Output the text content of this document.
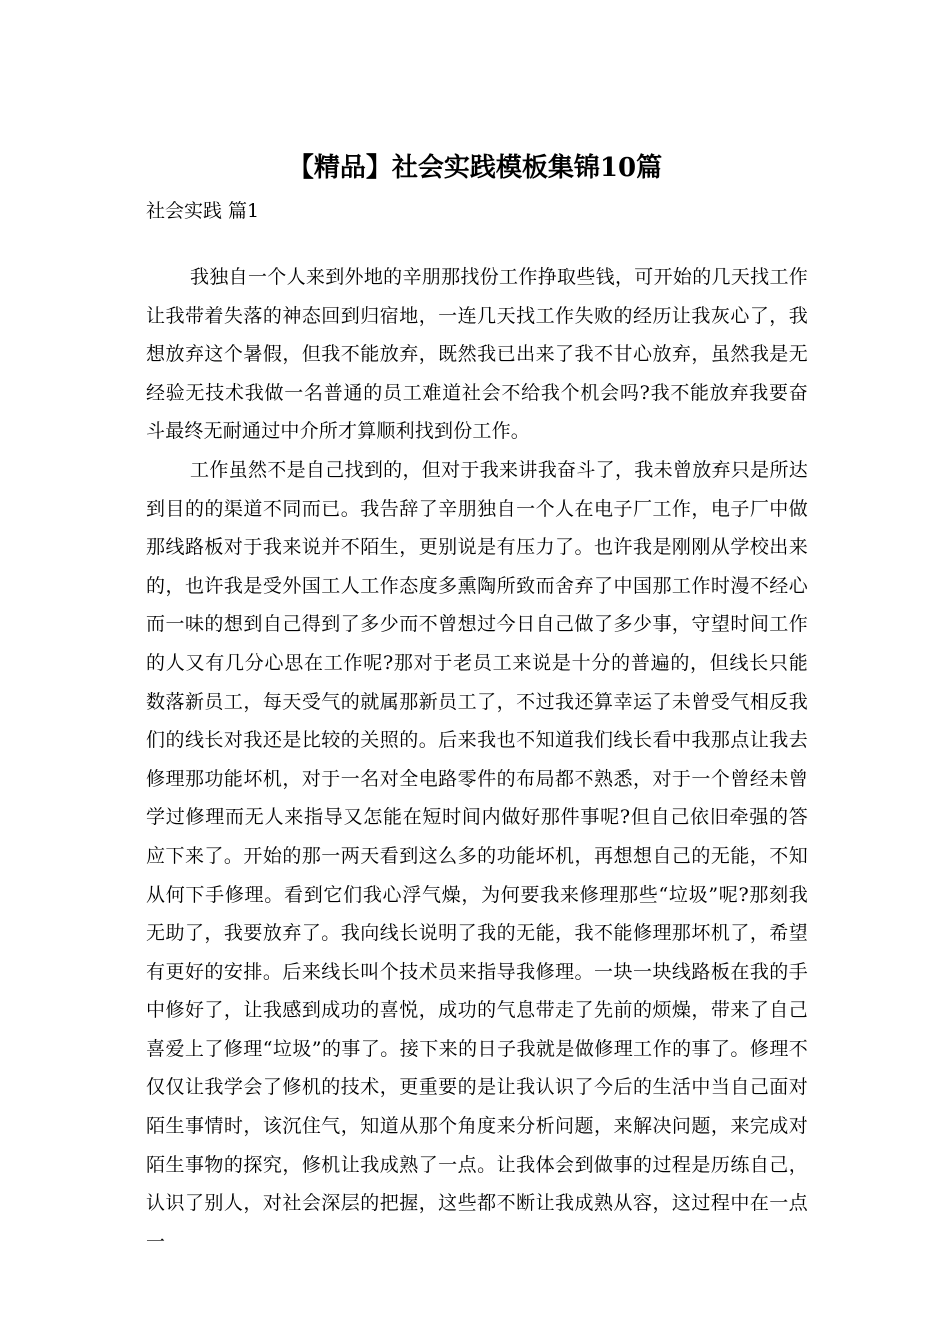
【精品】社会实践模板集锦10篇
社会实践 篇1

我独自一个人来到外地的辛朋那找份工作挣取些钱，可开始的几天找工作让我带着失落的神态回到归宿地，一连几天找工作失败的经历让我灰心了，我想放弃这个暑假，但我不能放弃，既然我已出来了我不甘心放弃，虽然我是无经验无技术我做一名普通的员工难道社会不给我个机会吗?我不能放弃我要奋斗最终无耐通过中介所才算顺利找到份工作。

工作虽然不是自己找到的，但对于我来讲我奋斗了，我未曾放弃只是所达到目的的渠道不同而已。我告辞了辛朋独自一个人在电子厂工作，电子厂中做那线路板对于我来说并不陌生，更别说是有压力了。也许我是刚刚从学校出来的，也许我是受外国工人工作态度多熏陶所致而舍弃了中国那工作时漫不经心而一味的想到自己得到了多少而不曾想过今日自己做了多少事，守望时间工作的人又有几分心思在工作呢?那对于老员工来说是十分的普遍的，但线长只能数落新员工，每天受气的就属那新员工了，不过我还算幸运了未曾受气相反我们的线长对我还是比较的关照的。后来我也不知道我们线长看中我那点让我去修理那功能坏机，对于一名对全电路零件的布局都不熟悉，对于一个曾经未曾学过修理而无人来指导又怎能在短时间内做好那件事呢?但自己依旧牵强的答应下来了。开始的那一两天看到这么多的功能坏机，再想想自己的无能，不知从何下手修理。看到它们我心浮气燥，为何要我来修理那些“垃圾”呢?那刻我无助了，我要放弃了。我向线长说明了我的无能，我不能修理那坏机了，希望有更好的安排。后来线长叫个技术员来指导我修理。一块一块线路板在我的手中修好了，让我感到成功的喜悦，成功的气息带走了先前的烦燥，带来了自己喜爱上了修理“垃圾”的事了。接下来的日子我就是做修理工作的事了。修理不仅仅让我学会了修机的技术，更重要的是让我认识了今后的生活中当自己面对陌生事情时，该沉住气，知道从那个角度来分析问题，来解决问题，来完成对陌生事物的探究，修机让我成熟了一点。让我体会到做事的过程是历练自己，认识了别人，对社会深层的把握，这些都不断让我成熟从容，这过程中在一点一
